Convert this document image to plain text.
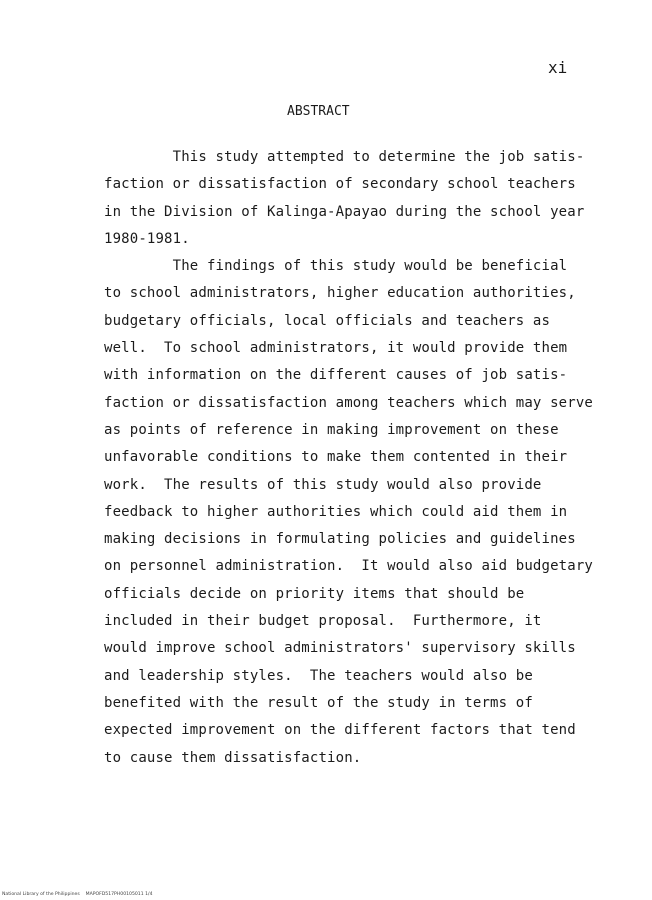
xi
ABSTRACT
This study attempted to determine the job satis-
faction or dissatisfaction of secondary school teachers
in the Division of Kalinga-Apayao during the school year
1980-1981.
The findings of this study would be beneficial
to school administrators, higher education authorities,
budgetary officials, local officials and teachers as
well.  To school administrators, it would provide them
with information on the different causes of job satis-
faction or dissatisfaction among teachers which may serve
as points of reference in making improvement on these
unfavorable conditions to make them contented in their
work.  The results of this study would also provide
feedback to higher authorities which could aid them in
making decisions in formulating policies and guidelines
on personnel administration.  It would also aid budgetary
officials decide on priority items that should be
included in their budget proposal.  Furthermore, it
would improve school administrators' supervisory skills
and leadership styles.  The teachers would also be
benefited with the result of the study in terms of
expected improvement on the different factors that tend
to cause them dissatisfaction.
National Library of the Philippines    MAPOFD517PH00105011 1/4
